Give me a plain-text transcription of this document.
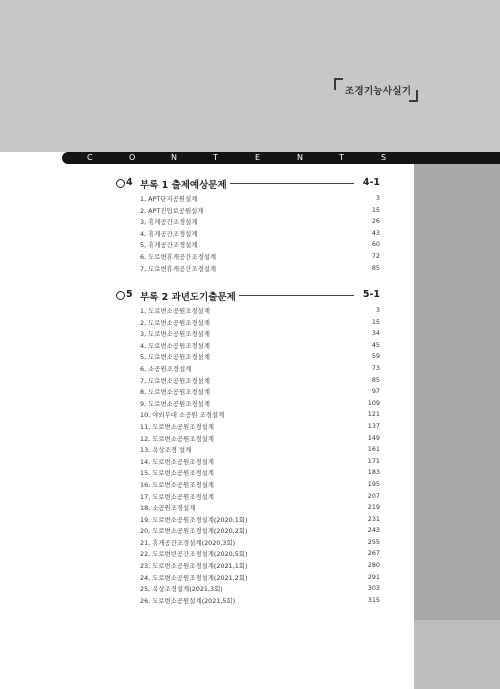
조경기능사실기
C	O	N	T	E	N	T	S
4 부록 1 출제예상문제	4-1
1, APT단지공원설계	3
2, APT진입로공원설계	15
3, 휴게공간조경설계	26
4, 휴게공간조경설계	43
5, 휴게공간조경설계	60
6, 도로변휴게공간조경설계	72
7, 도로변휴게공간조경설계	85
5 부록 2 과년도기출문제	5-1
1, 도로변소공원조경설계	3
2, 도로변소공원조경설계	15
3, 도로변소공원조경설계	34
4, 도로변소공원조경설계	45
5, 도로변소공원조경설계	59
6, 소공원조경설계	73
7, 도로변소공원조경설계	85
8, 도로변소공원조경설계	97
9, 도로변소공원조경설계	109
10, 야외무대 소공원 조경설계	121
11, 도로변소공원조경설계	137
12, 도로변소공원조경설계	149
13, 옥상조경 설계	161
14, 도로변소공원조경설계	171
15, 도로변소공원조경설계	183
16, 도로변소공원조경설계	195
17, 도로변소공원조경설계	207
18, 소공원조경설계	219
19, 도로변소공원조경설계(2020,1회)	231
20, 도로변소공원조경설계(2020,2회)	243
21, 휴게공간조경설계(2020,3회)	255
22, 도로변빈공간조경설계(2020,5회)	267
23, 도로변소공원조경설계(2021,1회)	280
24, 도로변소공원조경설계(2021,2회)	291
25, 옥상조경설계(2021,3회)	303
26, 도로변소공원설계(2021,5회)	315
